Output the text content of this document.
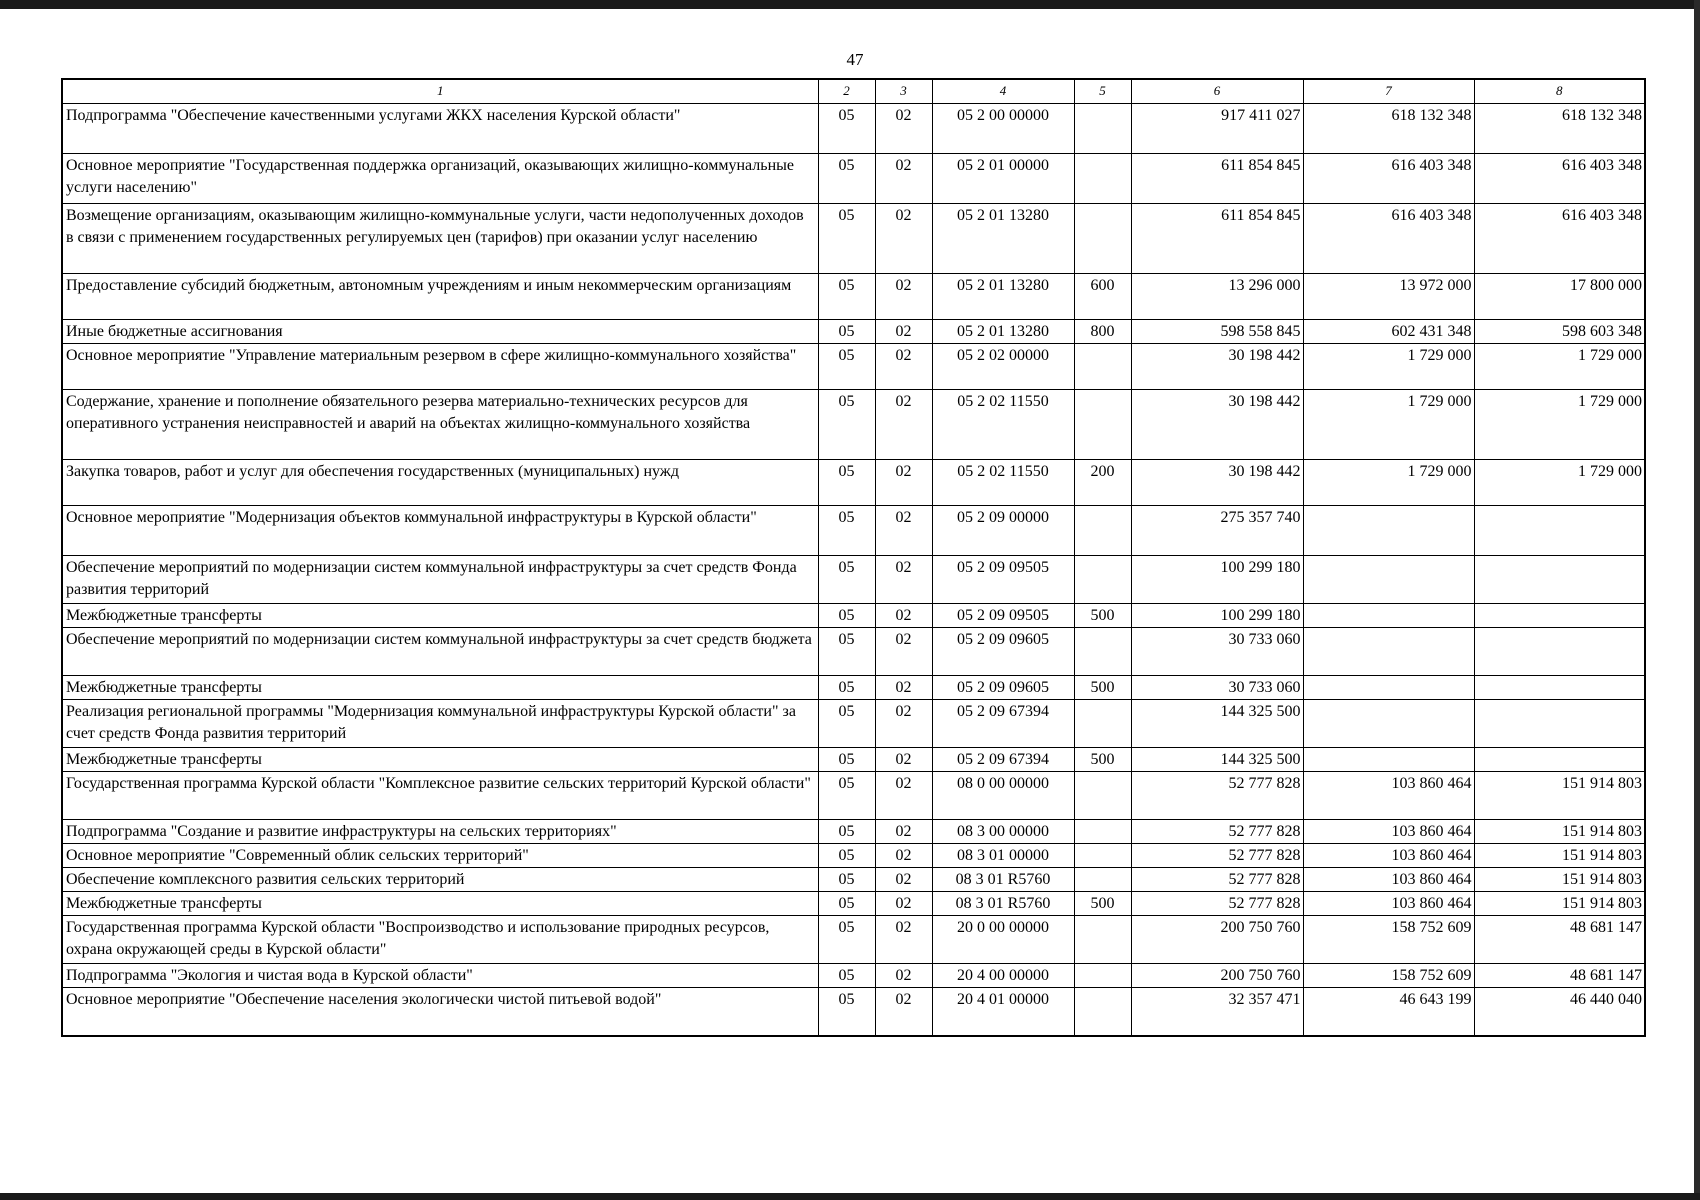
47
1	2	3	4	5	6	7	8
Подпрограмма "Обеспечение качественными услугами ЖКХ населения Курской области"	05	02	05 2 00 00000		917 411 027	618 132 348	618 132 348
Основное мероприятие "Государственная поддержка организаций, оказывающих жилищно-коммунальные услуги населению"	05	02	05 2 01 00000		611 854 845	616 403 348	616 403 348
Возмещение организациям, оказывающим жилищно-коммунальные услуги, части недополученных доходов в связи с применением государственных регулируемых цен (тарифов) при оказании услуг населению	05	02	05 2 01 13280		611 854 845	616 403 348	616 403 348
Предоставление субсидий бюджетным, автономным учреждениям и иным некоммерческим организациям	05	02	05 2 01 13280	600	13 296 000	13 972 000	17 800 000
Иные бюджетные ассигнования	05	02	05 2 01 13280	800	598 558 845	602 431 348	598 603 348
Основное мероприятие "Управление материальным резервом в сфере жилищно-коммунального хозяйства"	05	02	05 2 02 00000		30 198 442	1 729 000	1 729 000
Содержание, хранение и пополнение обязательного резерва материально-технических ресурсов для оперативного устранения неисправностей и аварий на объектах жилищно-коммунального хозяйства	05	02	05 2 02 11550		30 198 442	1 729 000	1 729 000
Закупка товаров, работ и услуг для обеспечения государственных (муниципальных) нужд	05	02	05 2 02 11550	200	30 198 442	1 729 000	1 729 000
Основное мероприятие "Модернизация объектов коммунальной инфраструктуры в Курской области"	05	02	05 2 09 00000		275 357 740		
Обеспечение мероприятий по модернизации систем коммунальной инфраструктуры за счет средств Фонда развития территорий	05	02	05 2 09 09505		100 299 180		
Межбюджетные трансферты	05	02	05 2 09 09505	500	100 299 180		
Обеспечение мероприятий по модернизации систем коммунальной инфраструктуры за счет средств бюджета	05	02	05 2 09 09605		30 733 060		
Межбюджетные трансферты	05	02	05 2 09 09605	500	30 733 060		
Реализация региональной программы "Модернизация коммунальной инфраструктуры Курской области" за счет средств Фонда развития территорий	05	02	05 2 09 67394		144 325 500		
Межбюджетные трансферты	05	02	05 2 09 67394	500	144 325 500		
Государственная программа Курской области "Комплексное развитие сельских территорий Курской области"	05	02	08 0 00 00000		52 777 828	103 860 464	151 914 803
Подпрограмма "Создание и развитие инфраструктуры на сельских территориях"	05	02	08 3 00 00000		52 777 828	103 860 464	151 914 803
Основное мероприятие "Современный облик сельских территорий"	05	02	08 3 01 00000		52 777 828	103 860 464	151 914 803
Обеспечение комплексного развития сельских территорий	05	02	08 3 01 R5760		52 777 828	103 860 464	151 914 803
Межбюджетные трансферты	05	02	08 3 01 R5760	500	52 777 828	103 860 464	151 914 803
Государственная программа Курской области "Воспроизводство и использование природных ресурсов, охрана окружающей среды в Курской области"	05	02	20 0 00 00000		200 750 760	158 752 609	48 681 147
Подпрограмма "Экология и чистая вода в Курской области"	05	02	20 4 00 00000		200 750 760	158 752 609	48 681 147
Основное мероприятие "Обеспечение населения экологически чистой питьевой водой"	05	02	20 4 01 00000		32 357 471	46 643 199	46 440 040
